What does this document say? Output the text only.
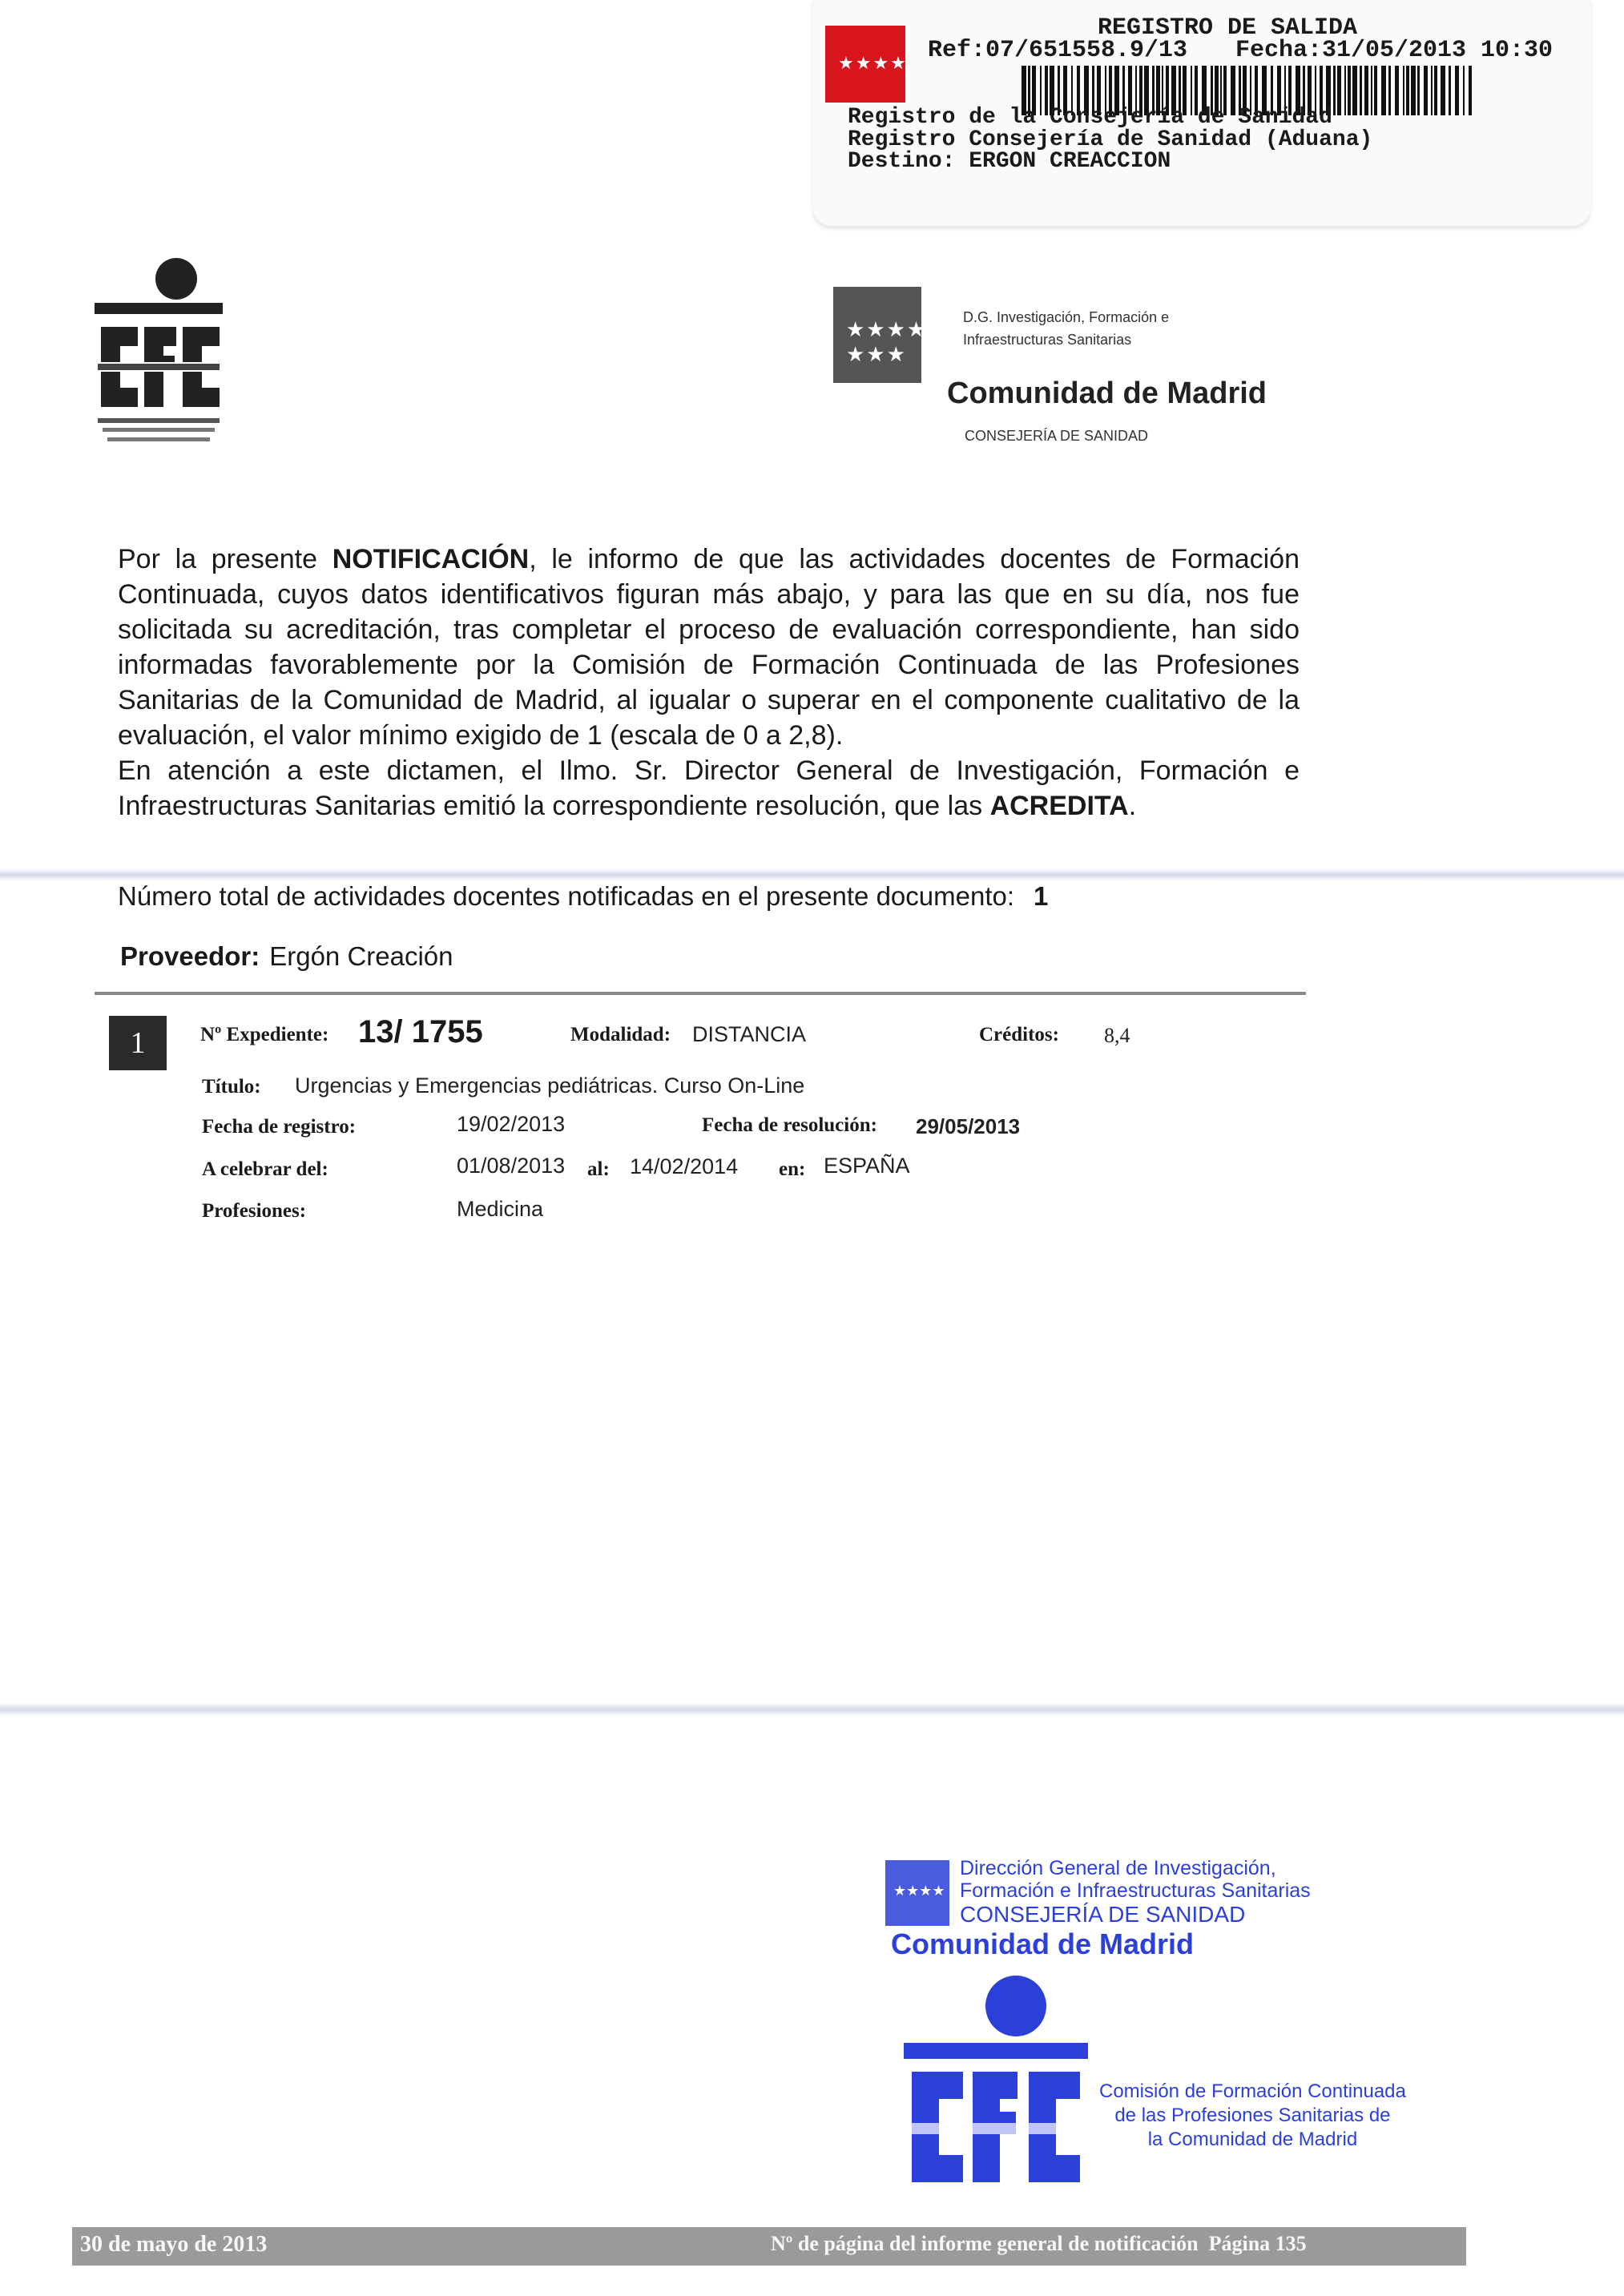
★★★★
REGISTRO DE SALIDA
Ref:07/651558.9/13 Fecha:31/05/2013 10:30
Registro de la Consejería de Sanidad
Registro Consejería de Sanidad (Aduana)
Destino: ERGON CREACCION
★★★★
★★★
D.G. Investigación, Formación e
Infraestructuras Sanitarias
Comunidad de Madrid
CONSEJERÍA DE SANIDAD

Por la presente NOTIFICACIÓN, le informo de que las actividades docentes de Formación Continuada, cuyos datos identificativos figuran más abajo, y para las que en su día, nos fue solicitada su acreditación, tras completar el proceso de evaluación correspondiente, han sido informadas favorablemente por la Comisión de Formación Continuada de las Profesiones Sanitarias de la Comunidad de Madrid, al igualar o superar en el componente cualitativo de la evaluación, el valor mínimo exigido de 1 (escala de 0 a 2,8).

En atención a este dictamen, el Ilmo. Sr. Director General de Investigación, Formación e Infraestructuras Sanitarias emitió la correspondiente resolución, que las ACREDITA.

Número total de actividades docentes notificadas en el presente documento: 1
Proveedor: Ergón Creación
1	Nº Expediente: 13/ 1755	Modalidad: DISTANCIA	Créditos: 8,4
Título: Urgencias y Emergencias pediátricas. Curso On-Line
Fecha de registro:	19/02/2013	Fecha de resolución: 29/05/2013
A celebrar del:	01/08/2013 al: 14/02/2014 en: ESPAÑA
Profesiones:	Medicina
★★★★
Dirección General de Investigación,
Formación e Infraestructuras Sanitarias
CONSEJERÍA DE SANIDAD
Comunidad de Madrid
Comisión de Formación Continuada
de las Profesiones Sanitarias de
la Comunidad de Madrid
30 de mayo de 2013	Nº de página del informe general de notificación Página 135
